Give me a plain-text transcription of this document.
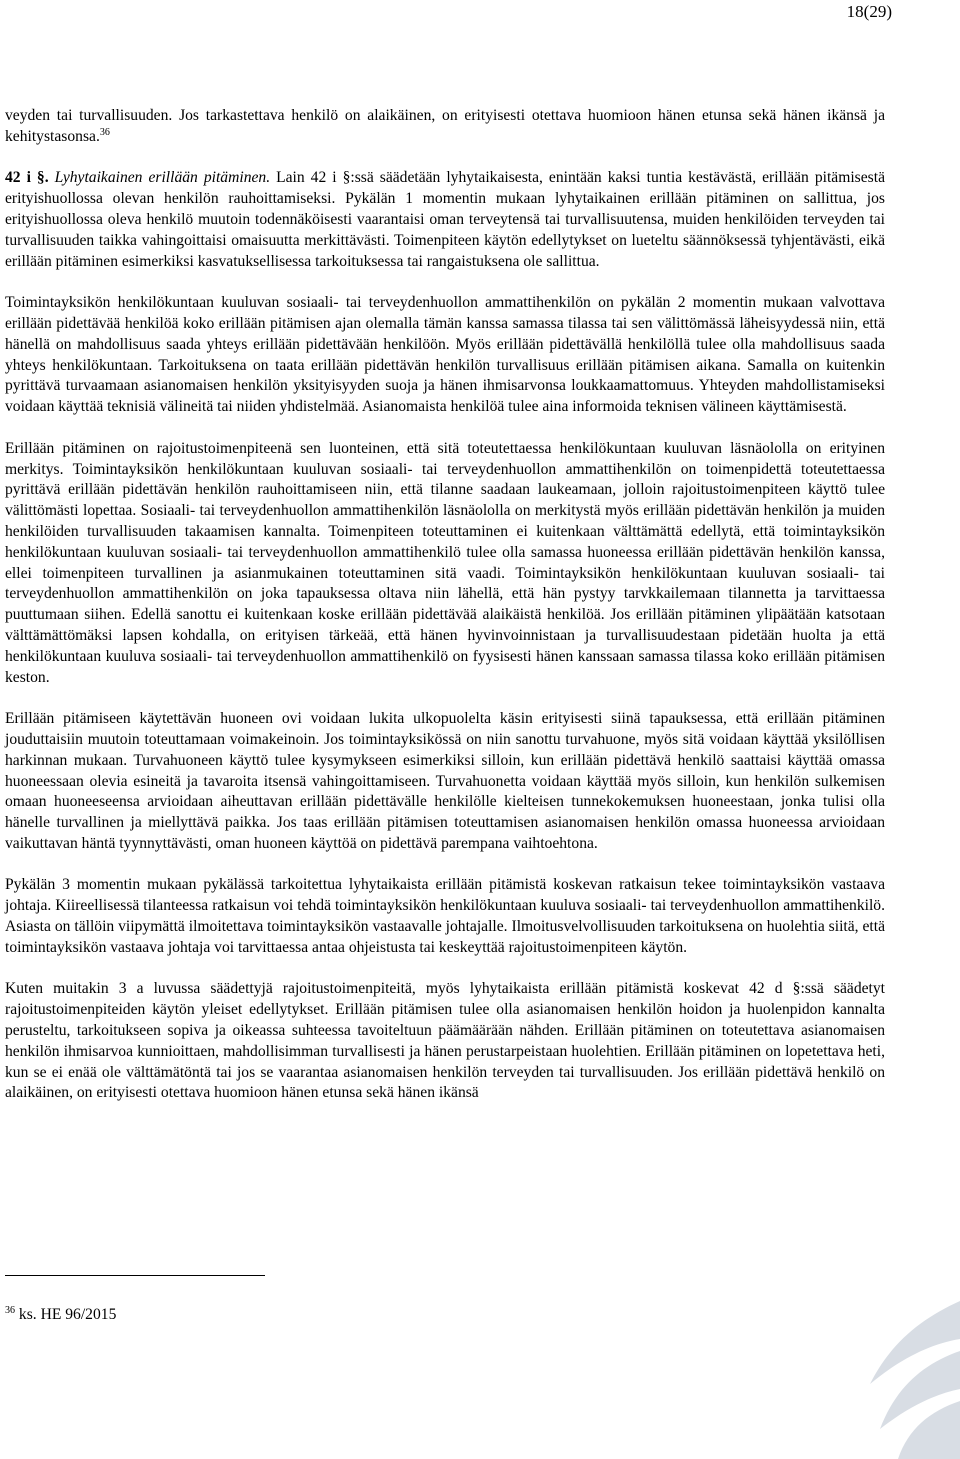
18(29)

veyden tai turvallisuuden. Jos tarkastettava henkilö on alaikäinen, on erityisesti otettava huomioon hänen etunsa sekä hänen ikänsä ja kehitystasonsa.$^{36}$

42 i §. Lyhytaikainen erillään pitäminen. Lain 42 i §:ssä säädetään lyhytaikaisesta, enintään kaksi tuntia kestävästä, erillään pitämisestä erityishuollossa olevan henkilön rauhoittamiseksi. Pykälän 1 momentin mukaan lyhytaikainen erillään pitäminen on sallittua, jos erityishuollossa oleva henkilö muutoin todennäköisesti vaarantaisi oman terveytensä tai turvallisuutensa, muiden henkilöiden terveyden tai turvallisuuden taikka vahingoittaisi omaisuutta merkittävästi. Toimenpiteen käytön edellytykset on lueteltu säännöksessä tyhjentävästi, eikä erillään pitäminen esimerkiksi kasvatuksellisessa tarkoituksessa tai rangaistuksena ole sallittua.

Toimintayksikön henkilökuntaan kuuluvan sosiaali- tai terveydenhuollon ammattihenkilön on pykälän 2 momentin mukaan valvottava erillään pidettävää henkilöä koko erillään pitämisen ajan olemalla tämän kanssa samassa tilassa tai sen välittömässä läheisyydessä niin, että hänellä on mahdollisuus saada yhteys erillään pidettävään henkilöön. Myös erillään pidettävällä henkilöllä tulee olla mahdollisuus saada yhteys henkilökuntaan. Tarkoituksena on taata erillään pidettävän henkilön turvallisuus erillään pitämisen aikana. Samalla on kuitenkin pyrittävä turvaamaan asianomaisen henkilön yksityisyyden suoja ja hänen ihmisarvonsa loukkaamattomuus. Yhteyden mahdollistamiseksi voidaan käyttää teknisiä välineitä tai niiden yhdistelmää. Asianomaista henkilöä tulee aina informoida teknisen välineen käyttämisestä.

Erillään pitäminen on rajoitustoimenpiteenä sen luonteinen, että sitä toteutettaessa henkilökuntaan kuuluvan läsnäololla on erityinen merkitys. Toimintayksikön henkilökuntaan kuuluvan sosiaali- tai terveydenhuollon ammattihenkilön on toimenpidettä toteutettaessa pyrittävä erillään pidettävän henkilön rauhoittamiseen niin, että tilanne saadaan laukeamaan, jolloin rajoitustoimenpiteen käyttö tulee välittömästi lopettaa. Sosiaali- tai terveydenhuollon ammattihenkilön läsnäololla on merkitystä myös erillään pidettävän henkilön ja muiden henkilöiden turvallisuuden takaamisen kannalta. Toimenpiteen toteuttaminen ei kuitenkaan välttämättä edellytä, että toimintayksikön henkilökuntaan kuuluvan sosiaali- tai terveydenhuollon ammattihenkilö tulee olla samassa huoneessa erillään pidettävän henkilön kanssa, ellei toimenpiteen turvallinen ja asianmukainen toteuttaminen sitä vaadi. Toimintayksikön henkilökuntaan kuuluvan sosiaali- tai terveydenhuollon ammattihenkilön on joka tapauksessa oltava niin lähellä, että hän pystyy tarvkkailemaan tilannetta ja tarvittaessa puuttumaan siihen. Edellä sanottu ei kuitenkaan koske erillään pidettävää alaikäistä henkilöä. Jos erillään pitäminen ylipäätään katsotaan välttämättömäksi lapsen kohdalla, on erityisen tärkeää, että hänen hyvinvoinnistaan ja turvallisuudestaan pidetään huolta ja että henkilökuntaan kuuluva sosiaali- tai terveydenhuollon ammattihenkilö on fyysisesti hänen kanssaan samassa tilassa koko erillään pitämisen keston.

Erillään pitämiseen käytettävän huoneen ovi voidaan lukita ulkopuolelta käsin erityisesti siinä tapauksessa, että erillään pitäminen jouduttaisiin muutoin toteuttamaan voimakeinoin. Jos toimintayksikössä on niin sanottu turvahuone, myös sitä voidaan käyttää yksilöllisen harkinnan mukaan. Turvahuoneen käyttö tulee kysymykseen esimerkiksi silloin, kun erillään pidettävä henkilö saattaisi käyttää omassa huoneessaan olevia esineitä ja tavaroita itsensä vahingoittamiseen. Turvahuonetta voidaan käyttää myös silloin, kun henkilön sulkemisen omaan huoneeseensa arvioidaan aiheuttavan erillään pidettävälle henkilölle kielteisen tunnekokemuksen huoneestaan, jonka tulisi olla hänelle turvallinen ja miellyttävä paikka. Jos taas erillään pitämisen toteuttamisen asianomaisen henkilön omassa huoneessa arvioidaan vaikuttavan häntä tyynnyttävästi, oman huoneen käyttöä on pidettävä parempana vaihtoehtona.

Pykälän 3 momentin mukaan pykälässä tarkoitettua lyhytaikaista erillään pitämistä koskevan ratkaisun tekee toimintayksikön vastaava johtaja. Kiireellisessä tilanteessa ratkaisun voi tehdä toimintayksikön henkilökuntaan kuuluva sosiaali- tai terveydenhuollon ammattihenkilö. Asiasta on tällöin viipymättä ilmoitettava toimintayksikön vastaavalle johtajalle. Ilmoitusvelvollisuuden tarkoituksena on huolehtia siitä, että toimintayksikön vastaava johtaja voi tarvittaessa antaa ohjeistusta tai keskeyttää rajoitustoimenpiteen käytön.

Kuten muitakin 3 a luvussa säädettyjä rajoitustoimenpiteitä, myös lyhytaikaista erillään pitämistä koskevat 42 d §:ssä säädetyt rajoitustoimenpiteiden käytön yleiset edellytykset. Erillään pitämisen tulee olla asianomaisen henkilön hoidon ja huolenpidon kannalta perusteltu, tarkoitukseen sopiva ja oikeassa suhteessa tavoiteltuun päämäärään nähden. Erillään pitäminen on toteutettava asianomaisen henkilön ihmisarvoa kunnioittaen, mahdollisimman turvallisesti ja hänen perustarpeistaan huolehtien. Erillään pitäminen on lopetettava heti, kun se ei enää ole välttämätöntä tai jos se vaarantaa asianomaisen henkilön terveyden tai turvallisuuden. Jos erillään pidettävä henkilö on alaikäinen, on erityisesti otettava huomioon hänen etunsa sekä hänen ikänsä

$^{36}$ ks. HE 96/2015
